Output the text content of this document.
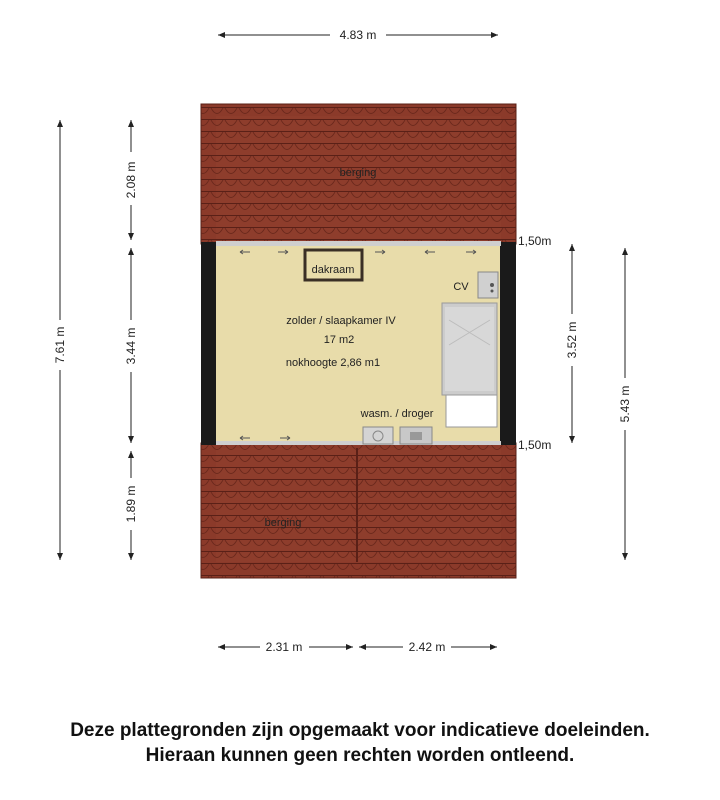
berging
berging
dakraam
zolder / slaapkamer IV
17 m2
nokhoogte 2,86 m1
CV
wasm. / droger
1,50m
1,50m
4.83 m
7.61 m
2.08 m
3.44 m
1.89 m
3.52 m
5.43 m
2.31 m	2.42 m
Deze plattegronden zijn opgemaakt voor indicatieve doeleinden.
Hieraan kunnen geen rechten worden ontleend.
